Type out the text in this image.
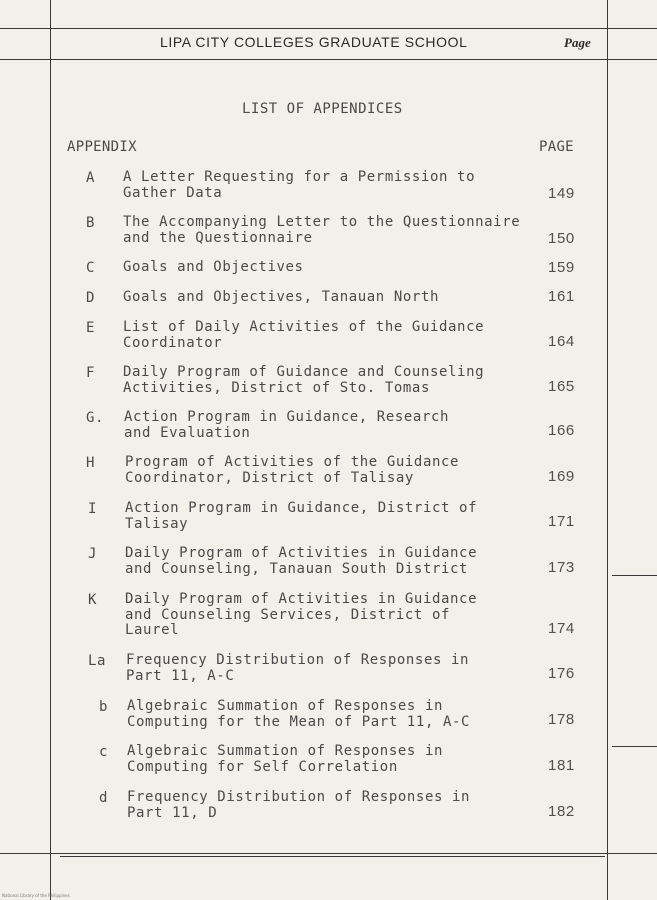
LIPA CITY COLLEGES GRADUATE SCHOOL	Page
LIST OF APPENDICES
APPENDIX	PAGE
A A Letter Requesting for a Permission to
Gather Data	149
B The Accompanying Letter to the Questionnaire
and the Questionnaire	150
C Goals and Objectives	159
D Goals and Objectives, Tanauan North	161
E List of Daily Activities of the Guidance
Coordinator	164
F Daily Program of Guidance and Counseling
Activities, District of Sto. Tomas	165
G. Action Program in Guidance, Research
and Evaluation	166
H Program of Activities of the Guidance
Coordinator, District of Talisay	169
I Action Program in Guidance, District of
Talisay	171
J Daily Program of Activities in Guidance
and Counseling, Tanauan South District	173
K Daily Program of Activities in Guidance
and Counseling Services, District of
Laurel	174
La Frequency Distribution of Responses in
Part 11, A-C	176
b Algebraic Summation of Responses in
Computing for the Mean of Part 11, A-C	178
c Algebraic Summation of Responses in
Computing for Self Correlation	181
d Frequency Distribution of Responses in
Part 11, D	182
National Library of the Philippines
